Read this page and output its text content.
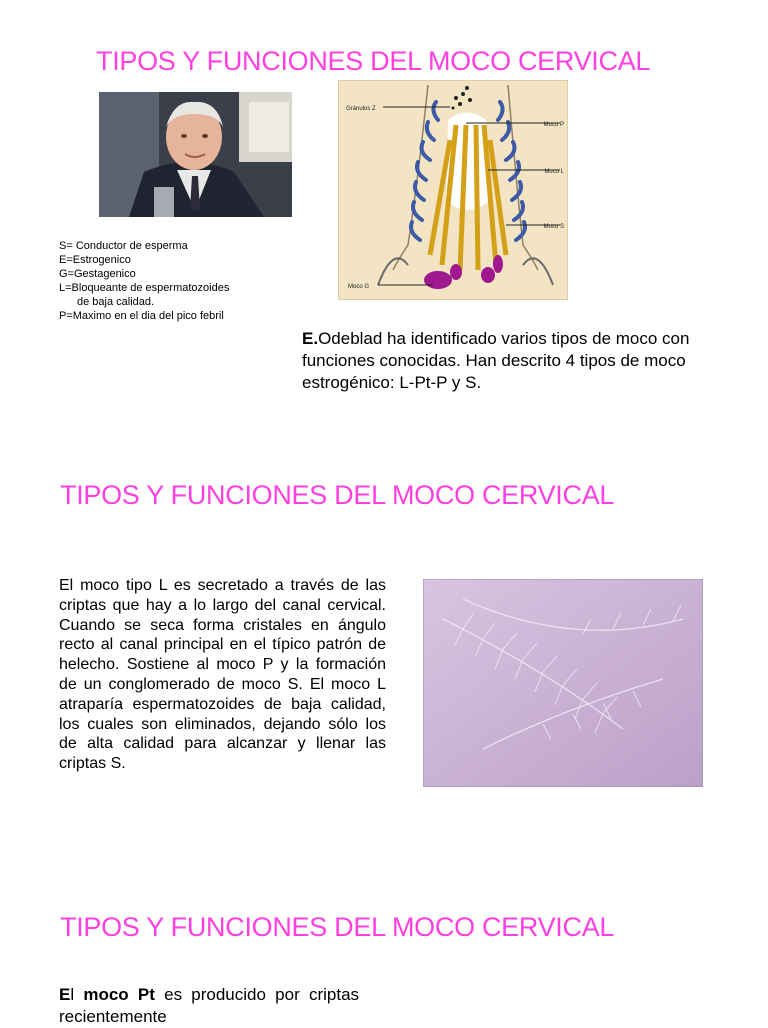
TIPOS Y FUNCIONES DEL MOCO CERVICAL
Gránulos Z
Moco P
Moco L
Moco S
Moco G
S= Conductor de esperma
E=Estrogenico
G=Gestagenico
L=Bloqueante de espermatozoides
de baja calidad.
P=Maximo en el dia del pico febril

E.Odeblad ha identificado varios tipos de moco con funciones conocidas. Han descrito 4 tipos de moco estrogénico: L-Pt-P y S.

TIPOS Y FUNCIONES DEL MOCO CERVICAL

El moco tipo L es secretado a través de las criptas que hay a lo largo del canal cervical. Cuando se seca forma cristales en ángulo recto al canal principal en el típico patrón de helecho. Sostiene al moco P y la formación de un conglomerado de moco S. El moco L atraparía espermatozoides de baja calidad, los cuales son eliminados, dejando sólo los de alta calidad para alcanzar y llenar las criptas S.

TIPOS Y FUNCIONES DEL MOCO CERVICAL

El moco Pt es producido por criptas recientemente
